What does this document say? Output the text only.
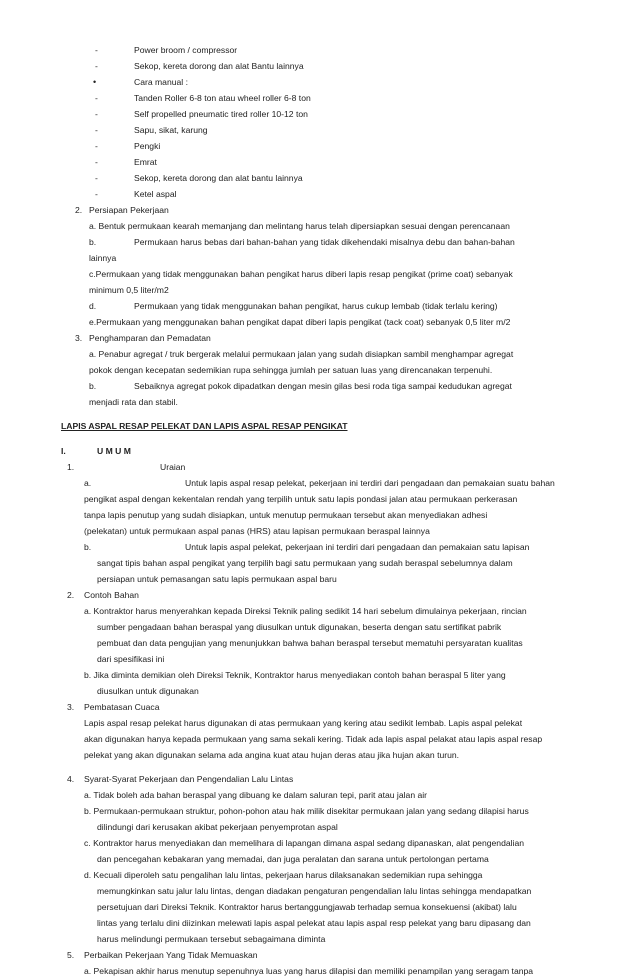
-	Power broom / compressor
-	Sekop, kereta dorong dan alat Bantu lainnya
•	Cara manual :
-	Tanden Roller 6-8 ton atau wheel roller 6-8 ton
-	Self propelled pneumatic tired roller 10-12 ton
-	Sapu, sikat, karung
-	Pengki
-	Emrat
-	Sekop, kereta dorong dan alat bantu lainnya
-	Ketel aspal
2. Persiapan Pekerjaan
a. Bentuk permukaan kearah memanjang dan melintang harus telah dipersiapkan sesuai dengan perencanaan
b.	Permukaan harus bebas dari bahan-bahan yang tidak dikehendaki misalnya debu dan bahan-bahan
lainnya
c.Permukaan yang tidak menggunakan bahan pengikat harus diberi lapis resap pengikat (prime coat) sebanyak
minimum 0,5 liter/m2
d.	Permukaan yang tidak menggunakan bahan pengikat, harus cukup lembab (tidak terlalu kering)
e.Permukaan yang menggunakan bahan pengikat dapat diberi lapis pengikat (tack coat) sebanyak 0,5 liter m/2
3. Penghamparan dan Pemadatan
a. Penabur agregat / truk bergerak melalui permukaan jalan yang sudah disiapkan sambil menghampar agregat
pokok dengan kecepatan sedemikian rupa sehingga jumlah per satuan luas yang direncanakan terpenuhi.
b.	Sebaiknya agregat pokok dipadatkan dengan mesin gilas besi roda tiga sampai kedudukan agregat
menjadi rata dan stabil.
LAPIS ASPAL RESAP PELEKAT DAN LAPIS ASPAL RESAP PENGIKAT
I.	U M U M
1.	Uraian
a.	Untuk lapis aspal resap pelekat, pekerjaan ini terdiri dari pengadaan dan pemakaian suatu bahan
pengikat aspal dengan kekentalan rendah yang terpilih untuk satu lapis pondasi jalan atau permukaan perkerasan
tanpa lapis penutup yang sudah disiapkan, untuk menutup permukaan tersebut akan menyediakan adhesi
(pelekatan) untuk permukaan aspal panas (HRS) atau lapisan permukaan beraspal lainnya
b.	Untuk lapis aspal pelekat, pekerjaan ini terdiri dari pengadaan dan pemakaian satu lapisan
sangat tipis bahan aspal pengikat yang terpilih bagi satu permukaan yang sudah beraspal sebelumnya dalam
persiapan untuk pemasangan satu lapis permukaan aspal baru
2. Contoh Bahan
a. Kontraktor harus menyerahkan kepada Direksi Teknik paling sedikit 14 hari sebelum dimulainya pekerjaan, rincian
sumber pengadaan bahan beraspal yang diusulkan untuk digunakan, beserta dengan satu sertifikat pabrik
pembuat dan data pengujian yang menunjukkan bahwa bahan beraspal tersebut mematuhi persyaratan kualitas
dari spesifikasi ini
b. Jika diminta demikian oleh Direksi Teknik, Kontraktor harus menyediakan contoh bahan beraspal 5 liter yang
diusulkan untuk digunakan
3. Pembatasan Cuaca
Lapis aspal resap pelekat harus digunakan di atas permukaan yang kering atau sedikit lembab. Lapis aspal pelekat
akan digunakan hanya kepada permukaan yang sama sekali kering. Tidak ada lapis aspal pelakat atau lapis aspal resap
pelekat yang akan digunakan selama ada angina kuat atau hujan deras atau jika hujan akan turun.
4. Syarat-Syarat Pekerjaan dan Pengendalian Lalu Lintas
a. Tidak boleh ada bahan beraspal yang dibuang ke dalam saluran tepi, parit atau jalan air
b. Permukaan-permukaan struktur, pohon-pohon atau hak milik disekitar permukaan jalan yang sedang dilapisi harus
dilindungi dari kerusakan akibat pekerjaan penyemprotan aspal
c. Kontraktor harus menyediakan dan memelihara di lapangan dimana aspal sedang dipanaskan, alat pengendalian
dan pencegahan kebakaran yang memadai, dan juga peralatan dan sarana untuk pertolongan pertama
d. Kecuali diperoleh satu pengalihan lalu lintas, pekerjaan harus dilaksanakan sedemikian rupa sehingga
memungkinkan satu jalur lalu lintas, dengan diadakan pengaturan pengendalian lalu lintas sehingga mendapatkan
persetujuan dari Direksi Teknik. Kontraktor harus bertanggungjawab terhadap semua konsekuensi (akibat) lalu
lintas yang terlalu dini diizinkan melewati lapis aspal pelekat atau lapis aspal resp pelekat yang baru dipasang dan
harus melindungi permukaan tersebut sebagaimana diminta
5. Perbaikan Pekerjaan Yang Tidak Memuaskan
a. Pekapisan akhir harus menutup sepenuhnya luas yang harus dilapisi dan memiliki penampilan yang seragam tanpa
